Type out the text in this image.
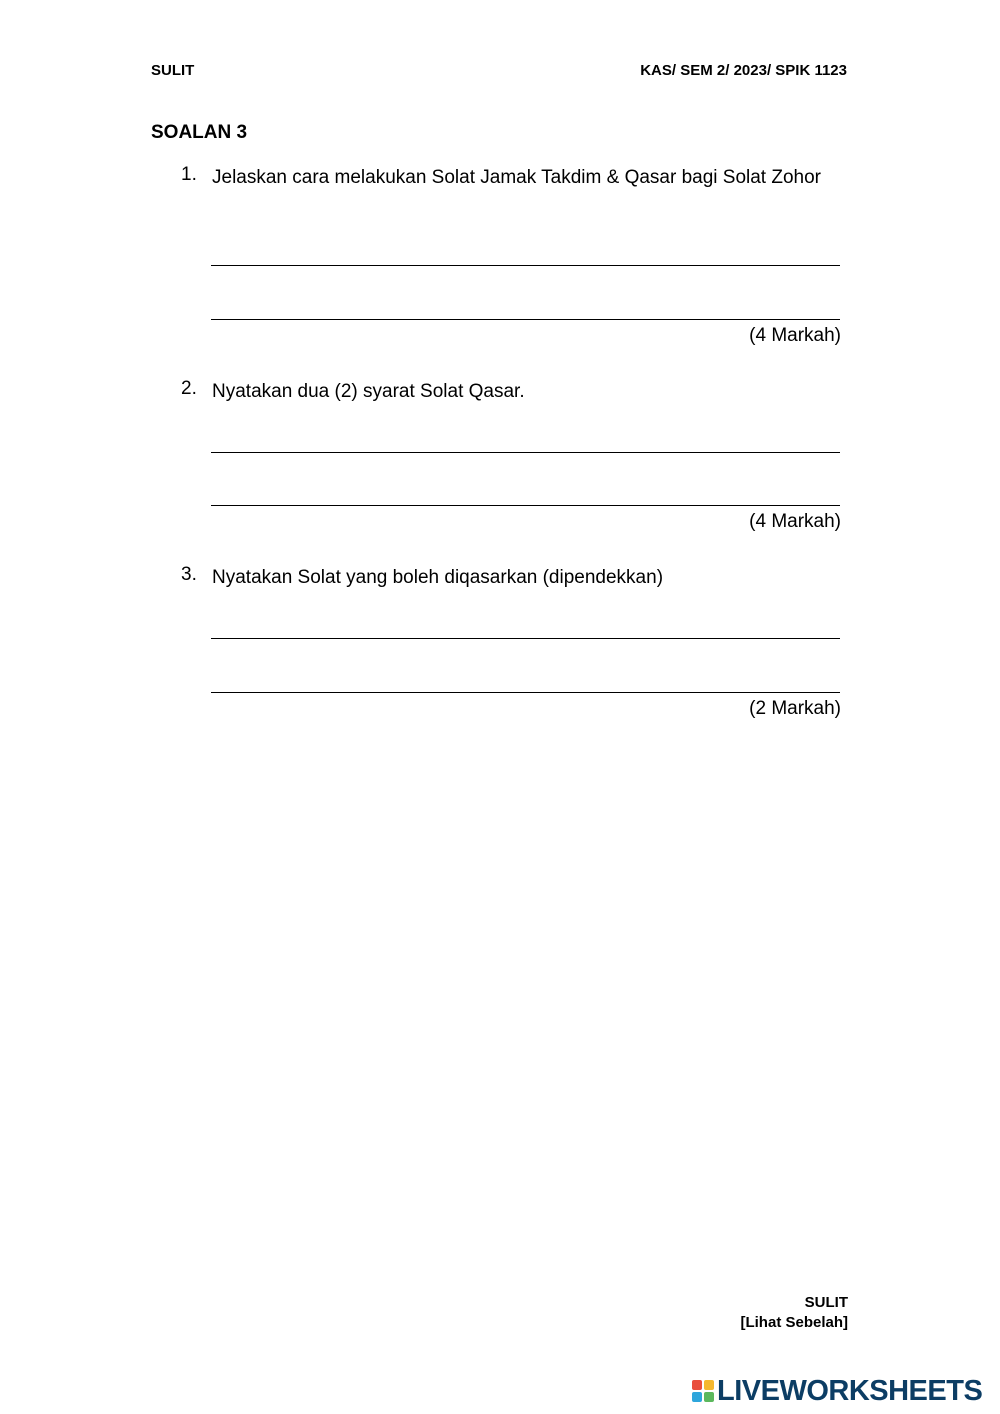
SULIT	KAS/ SEM 2/ 2023/ SPIK 1123
SOALAN 3
1. Jelaskan cara melakukan Solat Jamak Takdim & Qasar bagi Solat Zohor
(4 Markah)
2. Nyatakan dua (2) syarat Solat Qasar.
(4 Markah)
3. Nyatakan Solat yang boleh diqasarkan (dipendekkan)
(2 Markah)
SULIT
[Lihat Sebelah]
LIVEWORKSHEETS
